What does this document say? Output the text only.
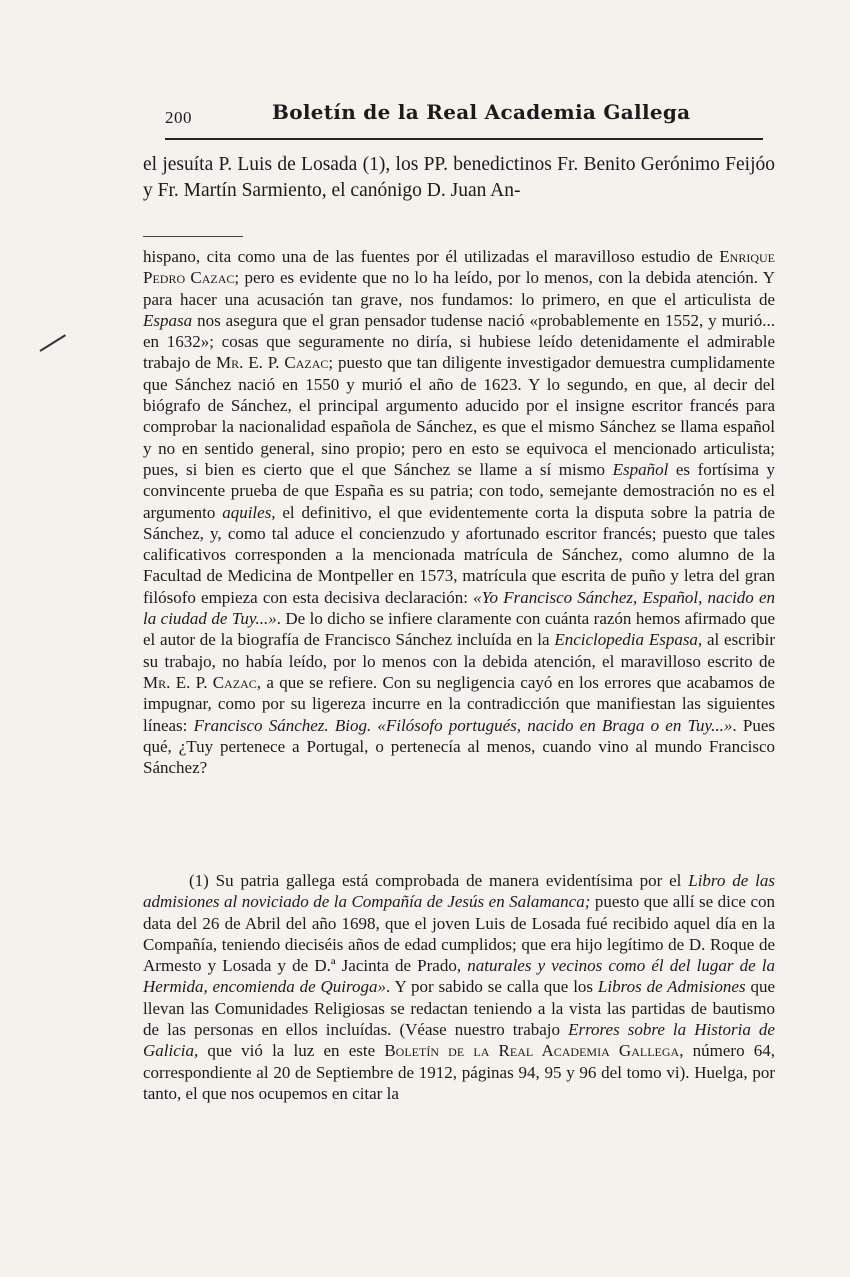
200	Boletín de la Real Academia Gallega

el jesuíta P. Luis de Losada (1), los PP. benedictinos Fr. Benito Gerónimo Feijóo y Fr. Martín Sarmiento, el canónigo D. Juan An-

hispano, cita como una de las fuentes por él utilizadas el maravilloso estudio de Enrique Pedro Cazac; pero es evidente que no lo ha leído, por lo menos, con la debida atención. Y para hacer una acusación tan grave, nos fundamos: lo primero, en que el articulista de Espasa nos asegura que el gran pensador tudense nació «probablemente en 1552, y murió... en 1632»; cosas que seguramente no diría, si hubiese leído detenidamente el admirable trabajo de Mr. E. P. Cazac; puesto que tan diligente investigador demuestra cumplidamente que Sánchez nació en 1550 y murió el año de 1623. Y lo segundo, en que, al decir del biógrafo de Sánchez, el principal argumento aducido por el insigne escritor francés para comprobar la nacionalidad española de Sánchez, es que el mismo Sánchez se llama español y no en sentido general, sino propio; pero en esto se equivoca el mencionado articulista; pues, si bien es cierto que el que Sánchez se llame a sí mismo Español es fortísima y convincente prueba de que España es su patria; con todo, semejante demostración no es el argumento aquiles, el definitivo, el que evidentemente corta la disputa sobre la patria de Sánchez, y, como tal aduce el concienzudo y afortunado escritor francés; puesto que tales calificativos corresponden a la mencionada matrícula de Sánchez, como alumno de la Facultad de Medicina de Montpeller en 1573, matrícula que escrita de puño y letra del gran filósofo empieza con esta decisiva declaración: «Yo Francisco Sánchez, Español, nacido en la ciudad de Tuy...». De lo dicho se infiere claramente con cuánta razón hemos afirmado que el autor de la biografía de Francisco Sánchez incluída en la Enciclopedia Espasa, al escribir su trabajo, no había leído, por lo menos con la debida atención, el maravilloso escrito de Mr. E. P. Cazac, a que se refiere. Con su negligencia cayó en los errores que acabamos de impugnar, como por su ligereza incurre en la contradicción que manifiestan las siguientes líneas: Francisco Sánchez. Biog. «Filósofo portugués, nacido en Braga o en Tuy...». Pues qué, ¿Tuy pertenece a Portugal, o pertenecía al menos, cuando vino al mundo Francisco Sánchez?

(1) Su patria gallega está comprobada de manera evidentísima por el Libro de las admisiones al noviciado de la Compañía de Jesús en Salamanca; puesto que allí se dice con data del 26 de Abril del año 1698, que el joven Luis de Losada fué recibido aquel día en la Compañía, teniendo dieciséis años de edad cumplidos; que era hijo legítimo de D. Roque de Armesto y Losada y de D.ª Jacinta de Prado, naturales y vecinos como él del lugar de la Hermida, encomienda de Quiroga». Y por sabido se calla que los Libros de Admisiones que llevan las Comunidades Religiosas se redactan teniendo a la vista las partidas de bautismo de las personas en ellos incluídas. (Véase nuestro trabajo Errores sobre la Historia de Galicia, que vió la luz en este Boletín de la Real Academia Gallega, número 64, correspondiente al 20 de Septiembre de 1912, páginas 94, 95 y 96 del tomo vi). Huelga, por tanto, el que nos ocupemos en citar la
